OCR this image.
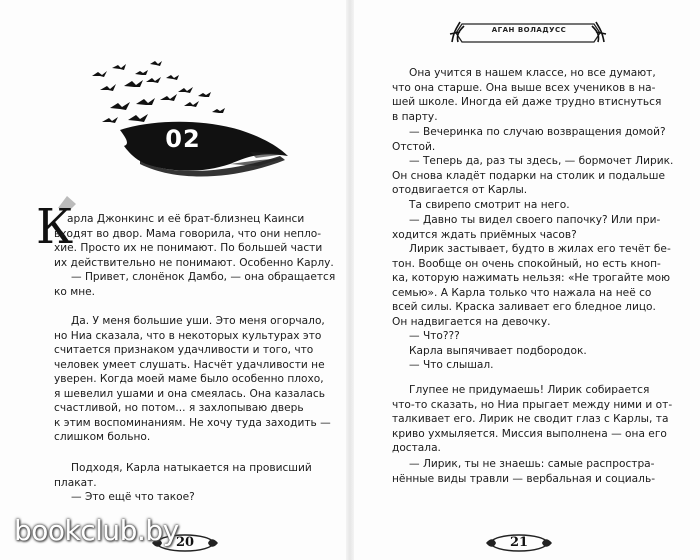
02
К
арла Джонкинс и её брат-близнец Каинси
входят во двор. Мама говорила, что они непло-
хие. Просто их не понимают. По большей части
их действительно не понимают. Особенно Карлу.
— Привет, слонёнок Дамбо, — она обращается
ко мне.
Да. У меня большие уши. Это меня огорчало,
но Ниа сказала, что в некоторых культурах это
считается признаком удачливости и того, что
человек умеет слушать. Насчёт удачливости не
уверен. Когда моей маме было особенно плохо,
я шевелил ушами и она смеялась. Она казалась
счастливой, но потом... я захлопываю дверь
к этим воспоминаниям. Не хочу туда заходить —
слишком больно.
Подходя, Карла натыкается на провисший
плакат.
— Это ещё что такое?
20
АГАН ВОЛАДУСС
Она учится в нашем классе, но все думают,
что она старше. Она выше всех учеников в на-
шей школе. Иногда ей даже трудно втиснуться
в парту.
— Вечеринка по случаю возвращения домой?
Отстой.
— Теперь да, раз ты здесь, — бормочет Лирик.
Он снова кладёт подарки на столик и подальше
отодвигается от Карлы.
Та свирепо смотрит на него.
— Давно ты видел своего папочку? Или при-
ходится ждать приёмных часов?
Лирик застывает, будто в жилах его течёт бе-
тон. Вообще он очень спокойный, но есть кноп-
ка, которую нажимать нельзя: «Не трогайте мою
семью». А Карла только что нажала на неё со
всей силы. Краска заливает его бледное лицо.
Он надвигается на девочку.
— Что???
Карла выпячивает подбородок.
— Что слышал.
Глупее не придумаешь! Лирик собирается
что-то сказать, но Ниа прыгает между ними и от-
талкивает его. Лирик не сводит глаз с Карлы, та
криво ухмыляется. Миссия выполнена — она его
достала.
— Лирик, ты не знаешь: самые распростра-
нённые виды травли — вербальная и социаль-
21
bookclub.by
